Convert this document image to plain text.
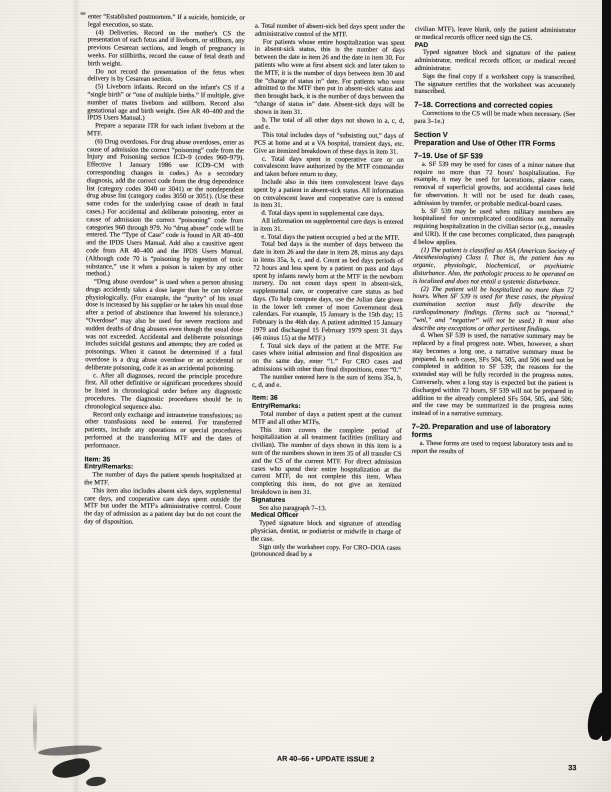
enter “Established postmortem.” If a suicide, homicide, or legal execution, so state.

(4) Deliveries. Record on the mother's CS the presentation of each fetus and if liveborn, or stillborn, any previous Cesarean sections, and length of pregnancy in weeks. For stillbirths, record the cause of fetal death and birth weight.

Do not record the presentation of the fetus when delivery is by Cesarean section.

(5) Liveborn infants. Record on the infant's CS if a “single birth” or “one of multiple births.” If multiple, give number of mates liveborn and stillborn. Record also gestational age and birth weight. (See AR 40–400 and the IPDS Users Manual.)

Prepare a separate ITR for each infant liveborn at the MTF.

(6) Drug overdoses. For drug abuse overdoses, enter as cause of admission the correct “poisoning” code from the Injury and Poisoning section ICD–9 (codes 960–979). Effective 1 January 1986 use ICD9–CM with corresponding changes in codes.) As a secondary diagnosis, add the correct code from the drug dependence list (category codes 3040 or 3041) or the nondependent drug abuse list (category codes 3050 or 3051). (Use these same codes for the underlying cause of death in fatal cases.) For accidental and deliberate poisoning, enter as cause of admission the correct “poisoning” code from categories 960 through 979. No “drug abuse” code will be entered. The “Type of Case” code is found in AR 40–400 and the IPDS Users Manual. Add also a causitive agent code from AR 40–400 and the IPDS Users Manual. (Although code 70 is “poisoning by ingestion of toxic substance,” use it when a poison is taken by any other method.)

“Drug abuse overdose” is used when a person abusing drugs accidently takes a dose larger than he can tolerate physiologically. (For example, the “purity” of his usual dose is increased by his supplier or he takes his usual dose after a period of abstinence that lowered his tolerance.) “Overdose” may also be used for severe reactions and sudden deaths of drug abusers even though the usual dose was not exceeded. Accidental and deliberate poisonings includes suicidal gestures and attempts; they are coded as poisonings. When it cannot be determined if a fatal overdose is a drug abuse overdose or an accidental or deliberate poisoning, code it as an accidental poisoning.

c. After all diagnoses, record the principle procedure first. All other definitive or significant procedures should be listed in chronological order before any diagnostic procedures. The diagnostic procedures should be in chronological sequence also.

Record only exchange and intrauterine transfusions; no other transfusions need be entered. For transferred patients, include any operations or special procedures performed at the transferring MTF and the dates of performance.

Item: 35

Entry/Remarks:

The number of days the patient spends hospitalized at the MTF.

This item also includes absent sick days, supplemental care days, and cooperative care days spent outside the MTF but under the MTF's administrative control. Count the day of admission as a patient day but do not count the day of disposition.

a. Total number of absent-sick bed days spent under the administrative control of the MTF.

For patients whose entire hospitalization was spent in absent-sick status, this is the number of days between the date in item 26 and the date in item 30. For patients who were at first absent sick and later taken to the MTF, it is the number of days between item 30 and the “change of status in” date. For patients who were admitted to the MTF then put in absent-sick status and then brought back, it is the number of days between the “change of status in” date. Absent-sick days will be shown in item 31.

b. The total of all other days not shown in a, c, d, and e.

This total includes days of “subsisting out,” days of PCS at home and at a VA hospital, transient days, etc. Give an itemized breakdown of these days in item 31.

c. Total days spent in cooperative care or on convalescent leave authorized by the MTF commander and taken before return to duty.

Include also in this item convalescent leave days spent by a patient in absent-sick status. All information on convalescent leave and cooperative care is entered in item 31.

d. Total days spent in supplemental care days.

All information on supplemental care days is entered in item 31.

e. Total days the patient occupied a bed at the MTF.

Total bed days is the number of days between the date in item 26 and the date in item 28, minus any days in items 35a, b, c, and d. Count as bed days periods of 72 hours and less spent by a patient on pass and days spent by infants newly born at the MTF in the newborn nursery. Do not count days spent in absent-sick, supplemental care, or cooperative care status as bed days. (To help compute days, use the Julian date given in the lower left corner of most Government desk calendars. For example, 15 January is the 15th day; 15 February is the 46th day. A patient admitted 15 January 1979 and discharged 15 February 1979 spent 31 days (46 minus 15) at the MTF.)

f. Total sick days of the patient at the MTF. For cases where initial admission and final disposition are on the same day, enter “1.” For CRO cases and admissions with other than final dispositions, enter “0.”

The number entered here is the sum of items 35a, b, c, d, and e.

Item: 36

Entry/Remarks:

Total number of days a patient spent at the current MTF and all other MTFs.

This item covers the complete period of hospitalization at all treatment facilities (military and civilian). The number of days shown in this item is a sum of the numbers shown in item 35 of all transfer CS and the CS of the current MTF. For direct admission cases who spend their entire hospitalization at the current MTF, do not complete this item. When completing this item, do not give an itemized breakdown in item 31.

Signatures

See also paragraph 7–13.

Medical Officer

Typed signature block and signature of attending physician, dentist, or podiatrist or midwife in charge of the case.

Sign only the worksheet copy. For CRO–DOA cases (pronounced dead by a

civilian MTF), leave blank, only the patient administrator or medical records officer need sign the CS.

PAD

Typed signature block and signature of the patient administrator, medical records officer, or medical record administrator.

Sign the final copy if a worksheet copy is transcribed. The signature certifies that the worksheet was accurately transcribed.

7–18. Corrections and corrected copies

Corrections to the CS will be made when necessary. (See para 3–1e.)

Section V

Preparation and Use of Other ITR Forms

7–19. Use of SF 539

a. SF 539 may be used for cases of a minor nature that require no more than 72 hours' hospitalization. For example, it may be used for lacerations, plaster casts, removal of superficial growths, and accidental cases held for observation. It will not be used for death cases, admission by transfer, or probable medical-board cases.

b. SF 539 may be used when military members are hospitalized for uncomplicated conditions not normally requiring hospitalization in the civilian sector (e.g., measles and URI). If the case becomes complicated, then paragraph d below applies.

(1) The patient is classified as ASA (American Society of Anesthesiologists) Class I. That is, the patient has no organic, physiologic, biochemical, or psychiatric disturbance. Also, the pathologic process to be operated on is localized and does not entail a systemic disturbance.

(2) The patient will be hospitalized no more than 72 hours. When SF 539 is used for these cases, the physical examination section must fully describe the cardiopulmonary findings. (Terms such as “normal,” “wnl,” and “negative” will not be used.) It must also describe any exceptions or other pertinent findings.

d. When SF 539 is used, the narrative summary may be replaced by a final progress note. When, however, a short stay becomes a long one, a narrative summary must be prepared. In such cases, SFs 504, 505, and 506 need not be completed in addition to SF 539; the reasons for the extended stay will be fully recorded in the progress notes. Conversely, when a long stay is expected but the patient is discharged within 72 hours, SF 539 will not be prepared in addition to the already completed SFs 504, 505, and 506; and the case may be summarized in the progress notes instead of in a narrative summary.

7–20. Preparation and use of laboratory forms

a. These forms are used to request laboratory tests and to report the results of

AR 40–66 • UPDATE ISSUE 2
33
